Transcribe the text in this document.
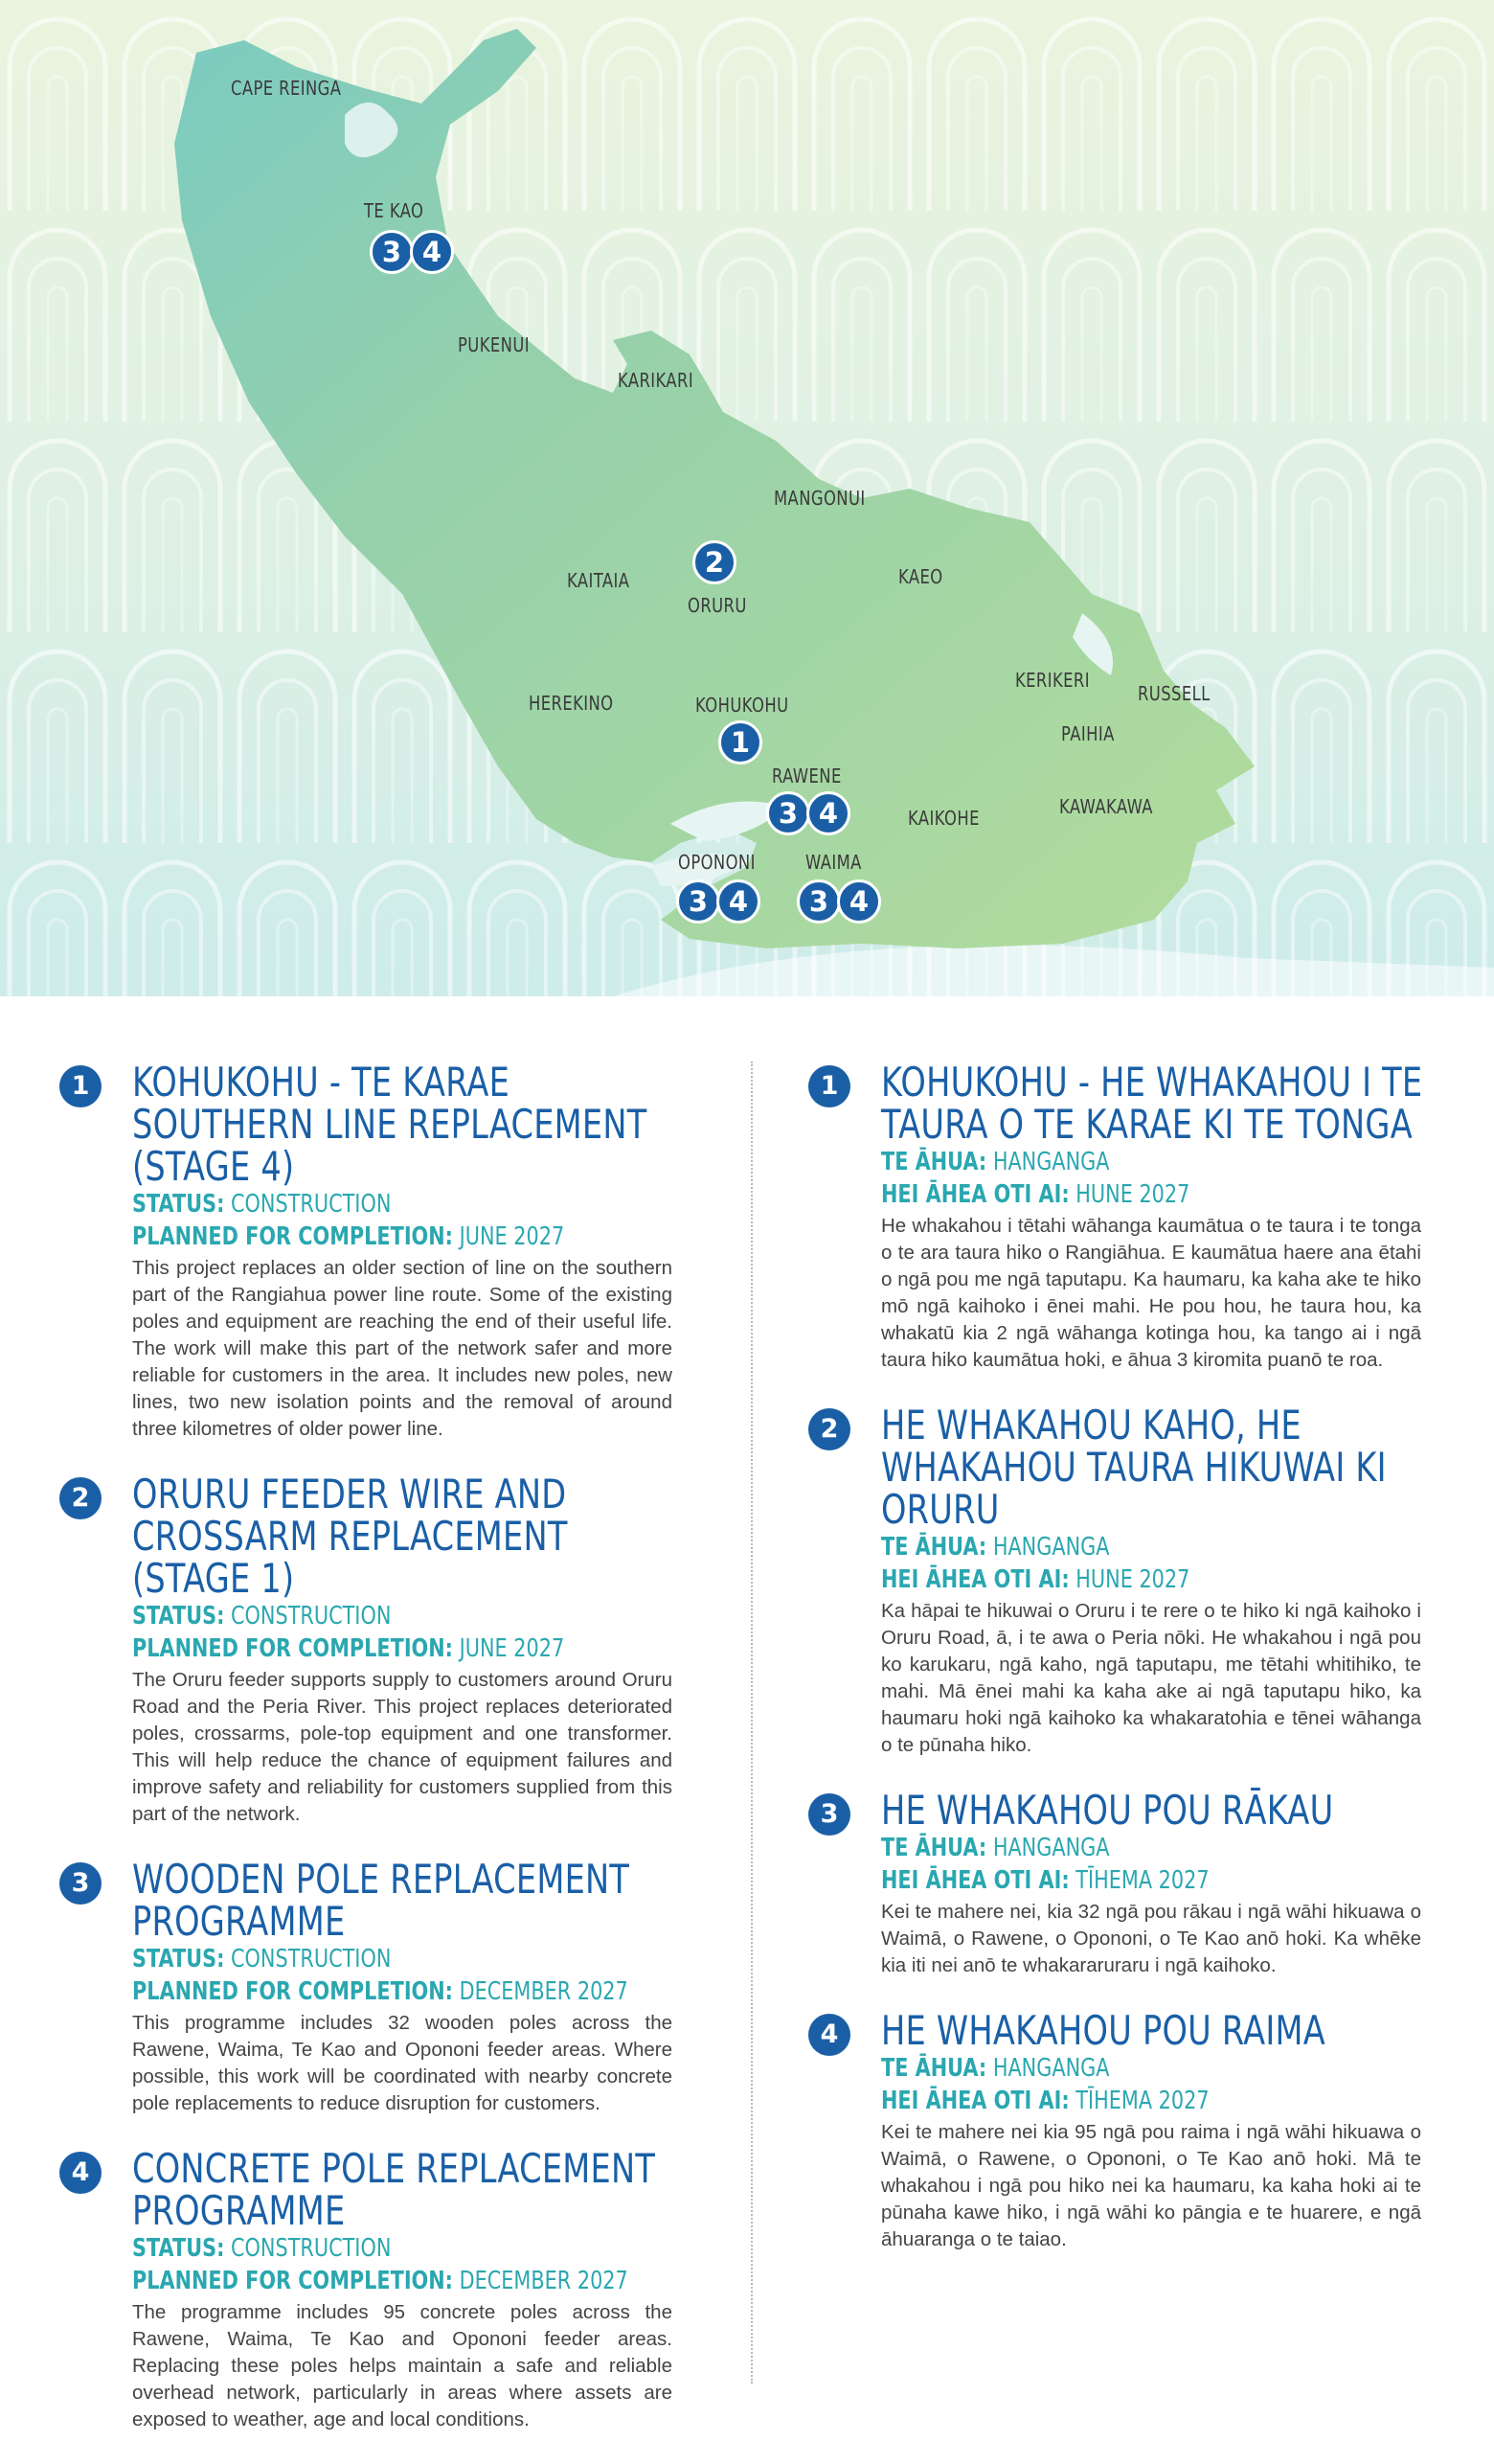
CAPE REINGA
TE KAO
PUKENUI
KARIKARI
MANGONUI
KAITAIA
ORURU
KAEO
HEREKINO	KOHUKOHU
KERIKERI
RUSSELL
PAIHIA
RAWENE
KAIKOHE	KAWAKAWA
OPONONI	WAIMA
3 4
2
1
3 4
3 4	3 4
1	KOHUKOHU - TE KARAE SOUTHERN LINE REPLACEMENT (STAGE 4)
STATUS: CONSTRUCTION
PLANNED FOR COMPLETION: JUNE 2027

This project replaces an older section of line on the southern part of the Rangiahua power line route. Some of the existing poles and equipment are reaching the end of their useful life. The work will make this part of the network safer and more reliable for customers in the area. It includes new poles, new lines, two new isolation points and the removal of around three kilometres of older power line.

2	ORURU FEEDER WIRE AND CROSSARM REPLACEMENT (STAGE 1)
STATUS: CONSTRUCTION
PLANNED FOR COMPLETION: JUNE 2027

The Oruru feeder supports supply to customers around Oruru Road and the Peria River. This project replaces deteriorated poles, crossarms, pole-top equipment and one transformer. This will help reduce the chance of equipment failures and improve safety and reliability for customers supplied from this part of the network.

3	WOODEN POLE REPLACEMENT PROGRAMME
STATUS: CONSTRUCTION
PLANNED FOR COMPLETION: DECEMBER 2027

This programme includes 32 wooden poles across the Rawene, Waima, Te Kao and Opononi feeder areas. Where possible, this work will be coordinated with nearby concrete pole replacements to reduce disruption for customers.

4	CONCRETE POLE REPLACEMENT PROGRAMME
STATUS: CONSTRUCTION
PLANNED FOR COMPLETION: DECEMBER 2027

The programme includes 95 concrete poles across the Rawene, Waima, Te Kao and Opononi feeder areas. Replacing these poles helps maintain a safe and reliable overhead network, particularly in areas where assets are exposed to weather, age and local conditions.

1	KOHUKOHU - HE WHAKAHOU I TE TAURA O TE KARAE KI TE TONGA
TE ĀHUA: HANGANGA
HEI ĀHEA OTI AI: HUNE 2027

He whakahou i tētahi wāhanga kaumātua o te taura i te tonga o te ara taura hiko o Rangiāhua. E kaumātua haere ana ētahi o ngā pou me ngā taputapu. Ka haumaru, ka kaha ake te hiko mō ngā kaihoko i ēnei mahi. He pou hou, he taura hou, ka whakatū kia 2 ngā wāhanga kotinga hou, ka tango ai i ngā taura hiko kaumātua hoki, e āhua 3 kiromita puanō te roa.

2	HE WHAKAHOU KAHO, HE WHAKAHOU TAURA HIKUWAI KI ORURU
TE ĀHUA: HANGANGA
HEI ĀHEA OTI AI: HUNE 2027

Ka hāpai te hikuwai o Oruru i te rere o te hiko ki ngā kaihoko i Oruru Road, ā, i te awa o Peria nōki. He whakahou i ngā pou ko karukaru, ngā kaho, ngā taputapu, me tētahi whitihiko, te mahi. Mā ēnei mahi ka kaha ake ai ngā taputapu hiko, ka haumaru hoki ngā kaihoko ka whakaratohia e tēnei wāhanga o te pūnaha hiko.

3	HE WHAKAHOU POU RĀKAU
TE ĀHUA: HANGANGA
HEI ĀHEA OTI AI: TĪHEMA 2027

Kei te mahere nei, kia 32 ngā pou rākau i ngā wāhi hikuawa o Waimā, o Rawene, o Opononi, o Te Kao anō hoki. Ka whēke kia iti nei anō te whakararuraru i ngā kaihoko.

4	HE WHAKAHOU POU RAIMA
TE ĀHUA: HANGANGA
HEI ĀHEA OTI AI: TĪHEMA 2027

Kei te mahere nei kia 95 ngā pou raima i ngā wāhi hikuawa o Waimā, o Rawene, o Opononi, o Te Kao anō hoki. Mā te whakahou i ngā pou hiko nei ka haumaru, ka kaha hoki ai te pūnaha kawe hiko, i ngā wāhi ko pāngia e te huarere, e ngā āhuaranga o te taiao.
